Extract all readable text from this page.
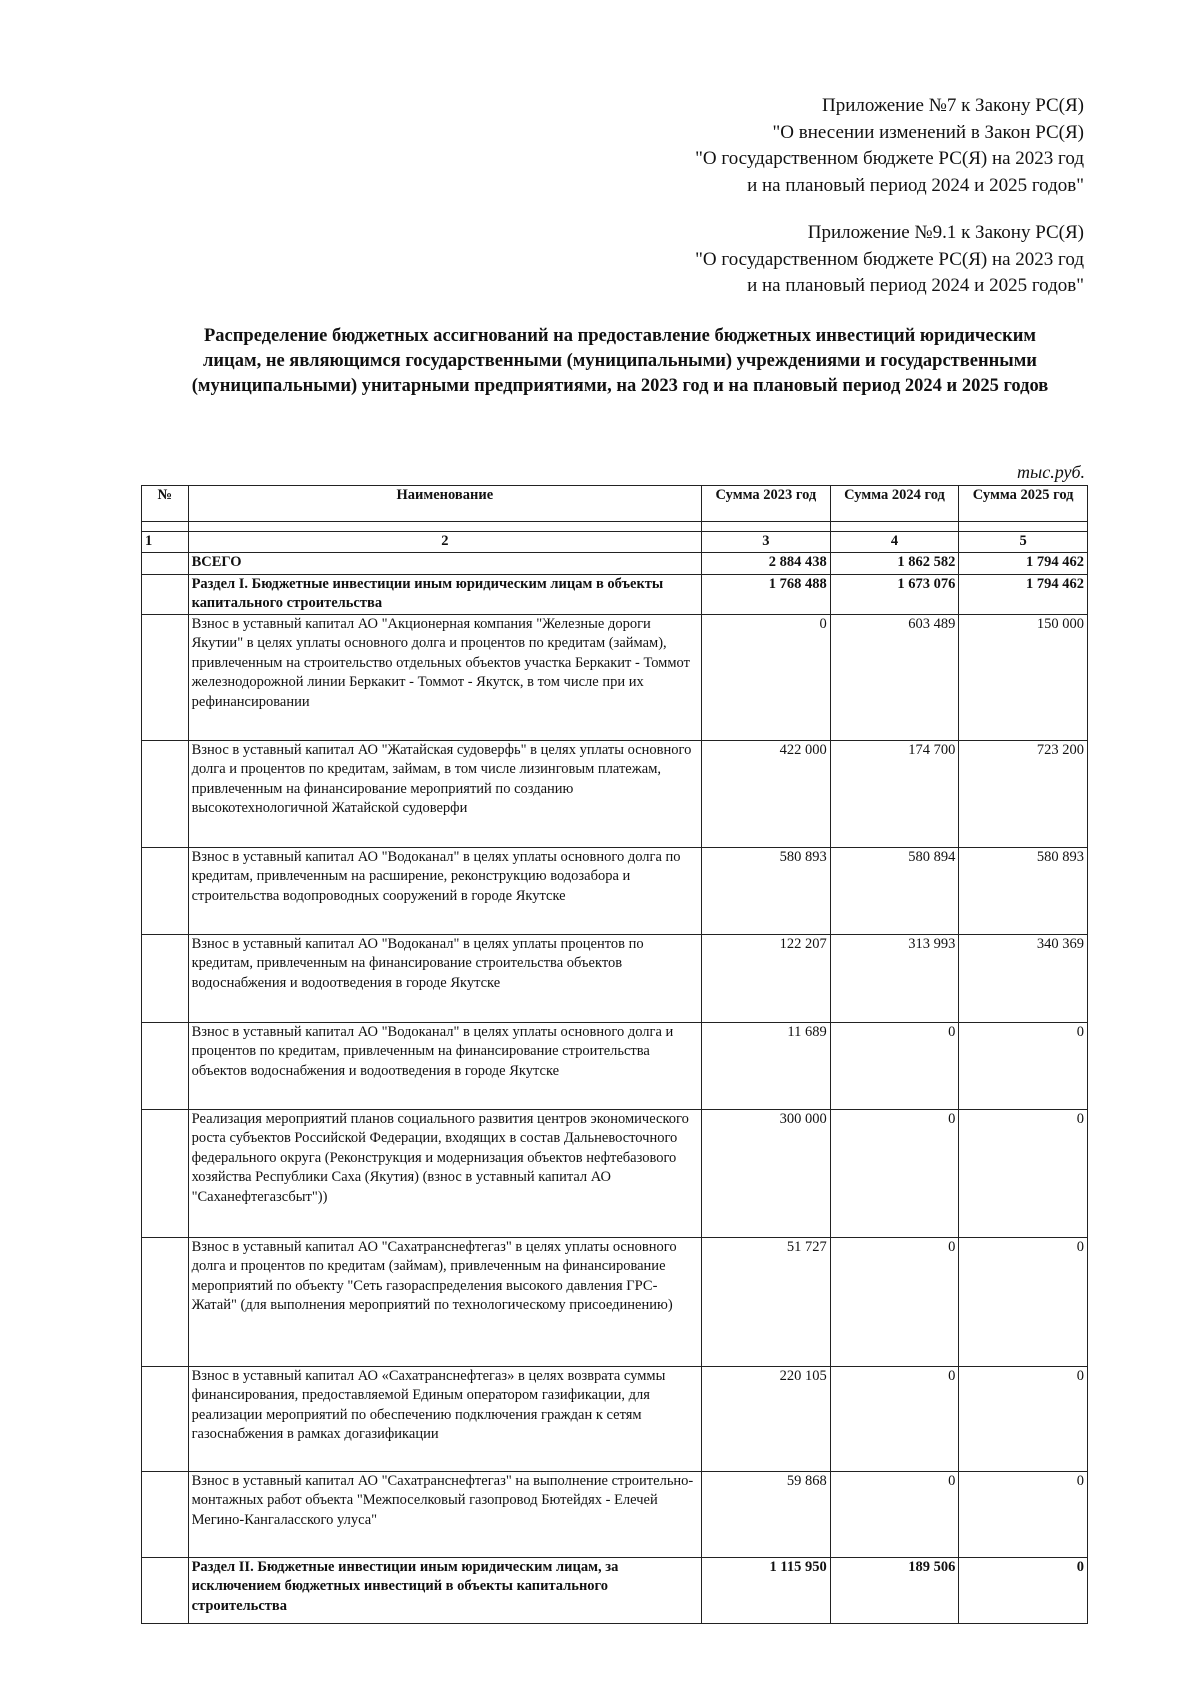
Приложение №7 к Закону РС(Я)
"О внесении изменений в Закон РС(Я)
"О государственном бюджете РС(Я) на 2023 год
и на плановый период 2024 и 2025 годов"
Приложение №9.1 к Закону РС(Я)
"О государственном бюджете РС(Я) на 2023 год
и на плановый период 2024 и 2025 годов"
Распределение бюджетных ассигнований на предоставление бюджетных инвестиций юридическим
лицам, не являющимся государственными (муниципальными) учреждениями и государственными
(муниципальными) унитарными предприятиями, на 2023 год и на плановый период 2024 и 2025 годов
тыс.руб.
№	Наименование	Сумма 2023 год	Сумма 2024 год	Сумма 2025 год

1	2	3	4	5
	ВСЕГО	2 884 438	1 862 582	1 794 462
	Раздел I. Бюджетные инвестиции иным юридическим лицам в объекты капитального строительства	1 768 488	1 673 076	1 794 462
	Взнос в уставный капитал АО "Акционерная компания "Железные дороги Якутии" в целях уплаты основного долга и процентов по кредитам (займам), привлеченным на строительство отдельных объектов участка Беркакит - Томмот железнодорожной линии Беркакит - Томмот - Якутск, в том числе при их рефинансировании	0	603 489	150 000
	Взнос в уставный капитал АО "Жатайская судоверфь" в целях уплаты основного долга и процентов по кредитам, займам, в том числе лизинговым платежам, привлеченным на финансирование мероприятий по созданию высокотехнологичной Жатайской судоверфи	422 000	174 700	723 200
	Взнос в уставный капитал АО "Водоканал" в целях уплаты основного долга по кредитам, привлеченным на расширение, реконструкцию водозабора и строительства водопроводных сооружений в городе Якутске	580 893	580 894	580 893
	Взнос в уставный капитал АО "Водоканал" в целях уплаты процентов по кредитам, привлеченным на финансирование строительства объектов водоснабжения и водоотведения в городе Якутске	122 207	313 993	340 369
	Взнос в уставный капитал АО "Водоканал" в целях уплаты основного долга и процентов по кредитам, привлеченным на финансирование строительства объектов водоснабжения и водоотведения в городе Якутске	11 689	0	0
	Реализация мероприятий планов социального развития центров экономического роста субъектов Российской Федерации, входящих в состав Дальневосточного федерального округа (Реконструкция и модернизация объектов нефтебазового хозяйства Республики Саха (Якутия) (взнос в уставный капитал АО "Саханефтегазсбыт"))	300 000	0	0
	Взнос в уставный капитал АО "Сахатранснефтегаз" в целях уплаты основного долга и процентов по кредитам (займам), привлеченным на финансирование мероприятий по объекту "Сеть газораспределения высокого давления ГРС-Жатай" (для выполнения мероприятий по технологическому присоединению)	51 727	0	0
	Взнос в уставный капитал АО «Сахатранснефтегаз» в целях возврата суммы финансирования, предоставляемой Единым оператором газификации, для реализации мероприятий по обеспечению подключения граждан к сетям газоснабжения в рамках догазификации	220 105	0	0
	Взнос в уставный капитал АО "Сахатранснефтегаз" на выполнение строительно-монтажных работ объекта "Межпоселковый газопровод Бютейдях - Елечей Мегино-Кангаласского улуса"	59 868	0	0
	Раздел II. Бюджетные инвестиции иным юридическим лицам, за исключением бюджетных инвестиций в объекты капитального строительства	1 115 950	189 506	0
